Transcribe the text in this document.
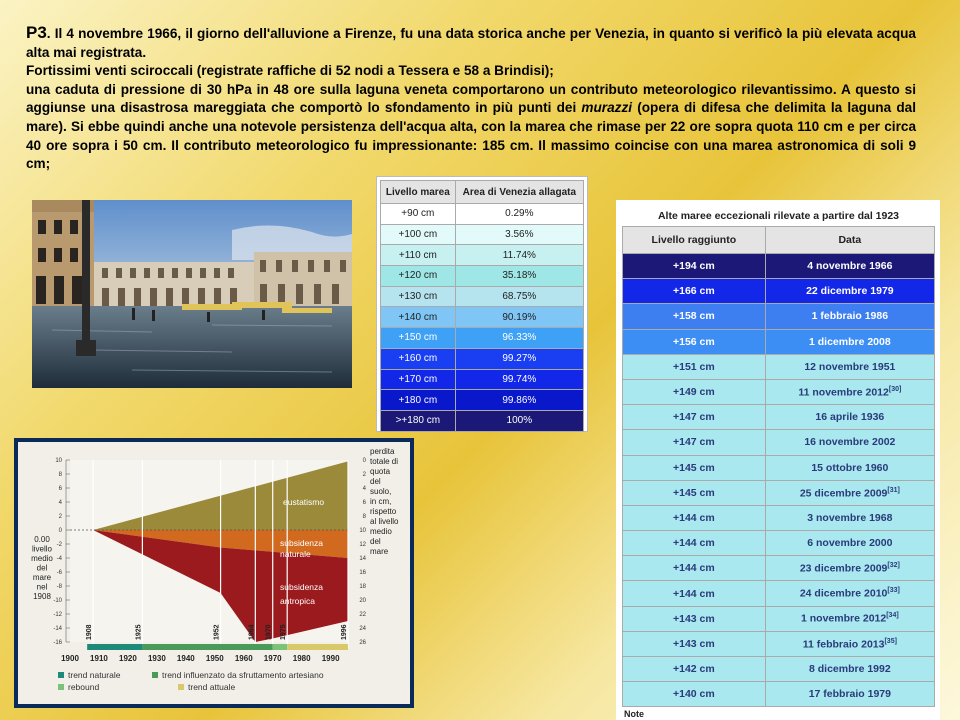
P3. Il 4 novembre 1966, il giorno dell'alluvione a Firenze, fu una data storica anche per Venezia, in quanto si verificò la più elevata acqua alta mai registrata.

Fortissimi venti sciroccali (registrate raffiche di 52 nodi a Tessera e 58 a Brindisi);

una caduta di pressione di 30 hPa in 48 ore sulla laguna veneta comportarono un contributo meteorologico rilevantissimo. A questo si aggiunse una disastrosa mareggiata che comportò lo sfondamento in più punti dei murazzi (opera di difesa che delimita la laguna dal mare). Si ebbe quindi anche una notevole persistenza dell'acqua alta, con la marea che rimase per 22 ore sopra quota 110 cm e per circa 40 ore sopra i 50 cm. Il contributo meteorologico fu impressionante: 185 cm. Il massimo coincise con una marea astronomica di soli 9 cm;

Livello marea	Area di Venezia allagata
+90 cm	0.29%
+100 cm	3.56%
+110 cm	11.74%
+120 cm	35.18%
+130 cm	68.75%
+140 cm	90.19%
+150 cm	96.33%
+160 cm	99.27%
+170 cm	99.74%
+180 cm	99.86%
>+180 cm	100%
Alte maree eccezionali rilevate a partire dal 1923
Livello raggiunto	Data
+194 cm	4 novembre 1966
+166 cm	22 dicembre 1979
+158 cm	1 febbraio 1986
+156 cm	1 dicembre 2008
+151 cm	12 novembre 1951
+149 cm	11 novembre 2012[30]
+147 cm	16 aprile 1936
+147 cm	16 novembre 2002
+145 cm	15 ottobre 1960
+145 cm	25 dicembre 2009[31]
+144 cm	3 novembre 1968
+144 cm	6 novembre 2000
+144 cm	23 dicembre 2009[32]
+144 cm	24 dicembre 2010[33]
+143 cm	1 novembre 2012[34]
+143 cm	11 febbraio 2013[35]
+142 cm	8 dicembre 1992
+140 cm	17 febbraio 1979
Note
1908	1925	1952	1964 1970 1975	1996
10
8
6
4
2
0
-2
-4
-6
-8
-10
-12
-14
-16
0
2
4
6
8
10
12
14
16
18
20
22
24
26
0.00
livello
medio
del
mare
nel
1908
perdita
totale di
quota
del
suolo,
in cm,
rispetto
al livello
medio
del
mare
eustatismo
subsidenza
naturale
subsidenza
antropica
1900 1910 1920 1930 1940 1950 1960 1970 1980 1990
trend naturale	trend influenzato da sfruttamento artesiano
rebound	trend attuale
